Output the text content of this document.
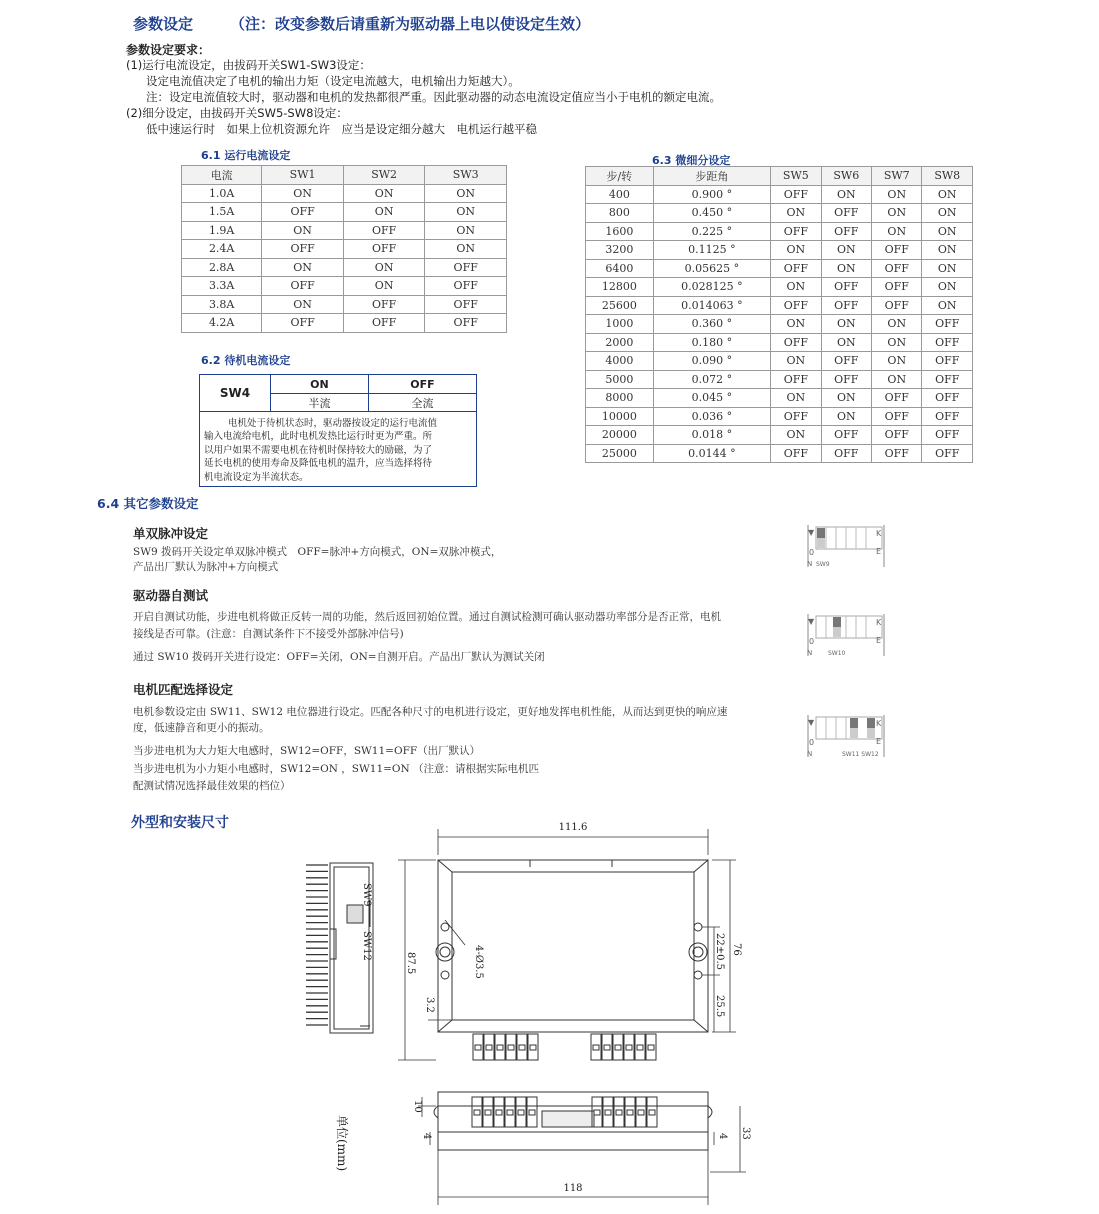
参数设定 （注：改变参数后请重新为驱动器上电以使设定生效）
参数设定要求：
(1)运行电流设定，由拔码开关SW1-SW3设定：
设定电流值决定了电机的输出力矩（设定电流越大，电机输出力矩越大）。
注：设定电流值较大时，驱动器和电机的发热都很严重。因此驱动器的动态电流设定值应当小于电机的额定电流。
(2)细分设定，由拔码开关SW5-SW8设定：
低中速运行时　如果上位机资源允许　应当是设定细分越大　电机运行越平稳
6.1 运行电流设定
电流	SW1	SW2	SW3
1.0A	ON	ON	ON
1.5A	OFF	ON	ON
1.9A	ON	OFF	ON
2.4A	OFF	OFF	ON
2.8A	ON	ON	OFF
3.3A	OFF	ON	OFF
3.8A	ON	OFF	OFF
4.2A	OFF	OFF	OFF
6.2 待机电流设定
SW4	ON	OFF
	半流	全流
电机处于待机状态时，驱动器按设定的运行电流值
输入电流给电机，此时电机发热比运行时更为严重。所
以用户如果不需要电机在待机时保持较大的励磁，为了
延长电机的使用寿命及降低电机的温升，应当选择将待
机电流设定为半流状态。
6.3 微细分设定
步/转	步距角	SW5	SW6	SW7	SW8
400	0.900 °	OFF	ON	ON	ON
800	0.450 °	ON	OFF	ON	ON
1600	0.225 °	OFF	OFF	ON	ON
3200	0.1125 °	ON	ON	OFF	ON
6400	0.05625 °	OFF	ON	OFF	ON
12800	0.028125 °	ON	OFF	OFF	ON
25600	0.014063 °	OFF	OFF	OFF	ON
1000	0.360 °	ON	ON	ON	OFF
2000	0.180 °	OFF	ON	ON	OFF
4000	0.090 °	ON	OFF	ON	OFF
5000	0.072 °	OFF	OFF	ON	OFF
8000	0.045 °	ON	ON	OFF	OFF
10000	0.036 °	OFF	ON	OFF	OFF
20000	0.018 °	ON	OFF	OFF	OFF
25000	0.0144 °	OFF	OFF	OFF	OFF
6.4 其它参数设定
单双脉冲设定
SW9 拨码开关设定单双脉冲模式　OFF=脉冲+方向模式，ON=双脉冲模式，
产品出厂默认为脉冲+方向模式
驱动器自测试
开启自测试功能，步进电机将做正反转一周的功能，然后返回初始位置。通过自测试检测可确认驱动器功率部分是否正常，电机
接线是否可靠。(注意：自测试条件下不接受外部脉冲信号)
通过 SW10 拨码开关进行设定：OFF=关闭，ON=自测开启。产品出厂默认为测试关闭
电机匹配选择设定
电机参数设定由 SW11、SW12 电位器进行设定。匹配各种尺寸的电机进行设定，更好地发挥电机性能，从而达到更快的响应速
度，低速静音和更小的振动。
当步进电机为大力矩大电感时，SW12=OFF，SW11=OFF（出厂默认）
当步进电机为小力矩小电感时，SW12=ON ，SW11=ON （注意：请根据实际电机匹
配测试情况选择最佳效果的档位）
▼	K
E
0
N SW9
▼	K
E
0
N	SW10
▼	K
E
0
N	SW11 SW12
外型和安装尺寸
SW9
SW12
111.6
76
87.5	4-Ø3.5	22±0.5
25.5
3.2
118
10
4	4 33
单位(mm)
